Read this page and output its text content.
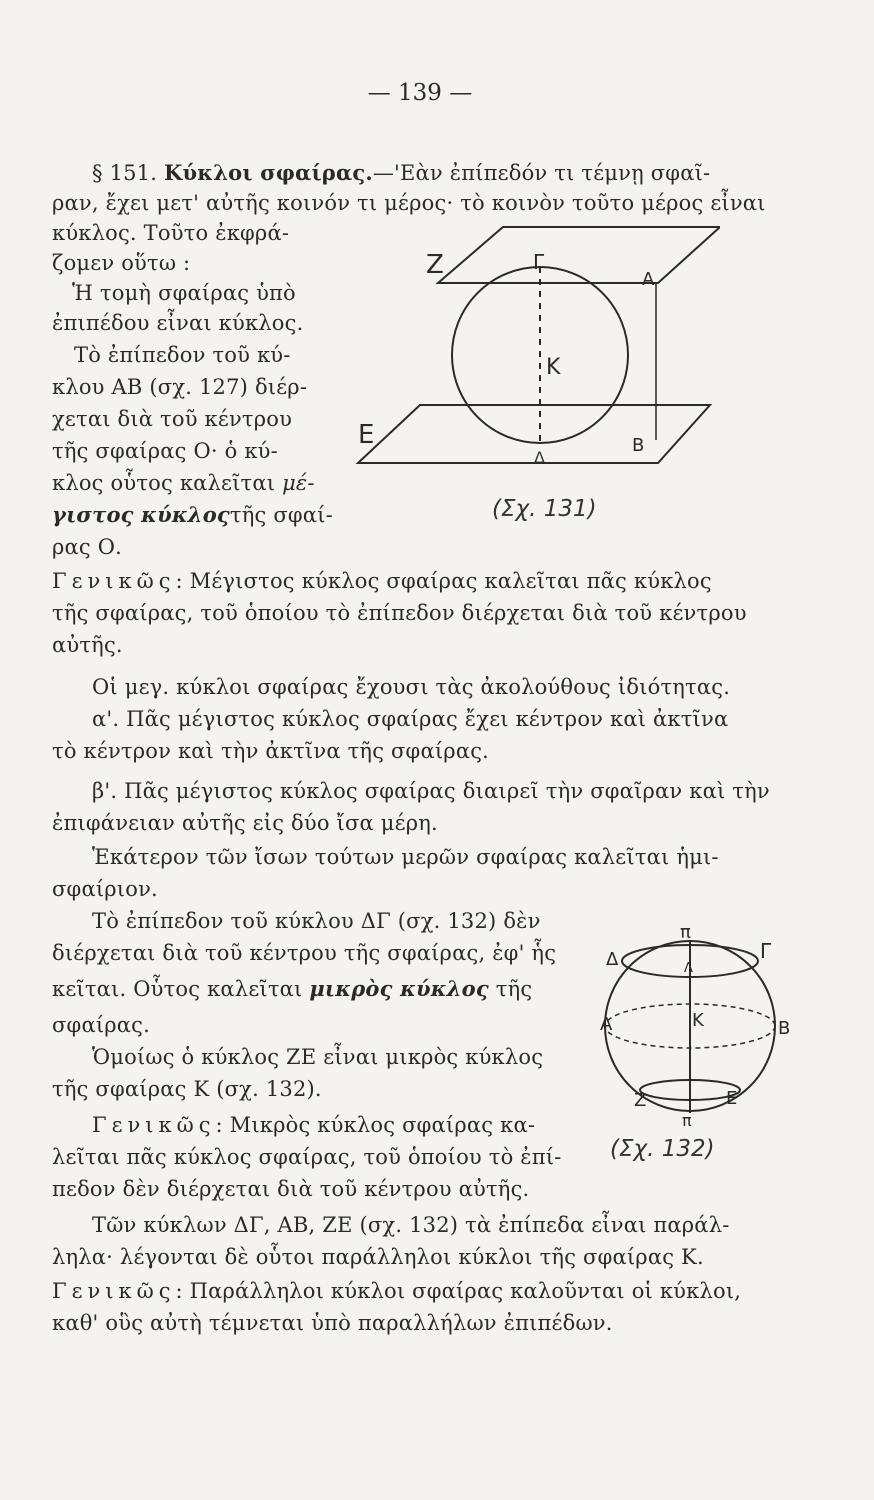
— 139 —
§ 151. Κύκλοι σφαίρας.—'Εὰν ἐπίπεδόν τι τέμνῃ σφαῖ-
ραν, ἔχει μετ' αὐτῆς κοινόν τι μέρος· τὸ κοινὸν τοῦτο μέρος εἶναι
κύκλος. Τοῦτο ἐκφρά-
ζομεν οὕτω :
Ἡ τομὴ σφαίρας ὑπὸ
ἐπιπέδου εἶναι κύκλος.
Τὸ ἐπίπεδον τοῦ κύ-
κλου ΑΒ (σχ. 127) διέρ-
χεται διὰ τοῦ κέντρου
τῆς σφαίρας Ο· ὁ κύ-
κλος οὗτος καλεῖται μέ-
γιστος κύκλοςτῆς σφαί-
ρας Ο.
Γενικῶς: Μέγιστος κύκλος σφαίρας καλεῖται πᾶς κύκλος
τῆς σφαίρας, τοῦ ὁποίου τὸ ἐπίπεδον διέρχεται διὰ τοῦ κέντρου
αὐτῆς.
Οἱ μεγ. κύκλοι σφαίρας ἔχουσι τὰς ἀκολούθους ἰδιότητας.
α'. Πᾶς μέγιστος κύκλος σφαίρας ἔχει κέντρον καὶ ἀκτῖνα
τὸ κέντρον καὶ τὴν ἀκτῖνα τῆς σφαίρας.
β'. Πᾶς μέγιστος κύκλος σφαίρας διαιρεῖ τὴν σφαῖραν καὶ τὴν
ἐπιφάνειαν αὐτῆς εἰς δύο ἴσα μέρη.
Ἑκάτερον τῶν ἴσων τούτων μερῶν σφαίρας καλεῖται ἡμι-
σφαίριον.
Τὸ ἐπίπεδον τοῦ κύκλου ΔΓ (σχ. 132) δὲν
διέρχεται διὰ τοῦ κέντρου τῆς σφαίρας, ἐφ' ἧς
κεῖται. Οὗτος καλεῖται μικρὸς κύκλος τῆς
σφαίρας.
Ὁμοίως ὁ κύκλος ΖΕ εἶναι μικρὸς κύκλος
τῆς σφαίρας Κ (σχ. 132).
Γενικῶς: Μικρὸς κύκλος σφαίρας κα-
λεῖται πᾶς κύκλος σφαίρας, τοῦ ὁποίου τὸ ἐπί-
πεδον δὲν διέρχεται διὰ τοῦ κέντρου αὐτῆς.
Τῶν κύκλων ΔΓ, ΑΒ, ΖΕ (σχ. 132) τὰ ἐπίπεδα εἶναι παράλ-
ληλα· λέγονται δὲ οὗτοι παράλληλοι κύκλοι τῆς σφαίρας Κ.
Γενικῶς: Παράλληλοι κύκλοι σφαίρας καλοῦνται οἱ κύκλοι,
καθ' οὓς αὐτὴ τέμνεται ὑπὸ παραλλήλων ἐπιπέδων.
Z	Γ
A
K
E	B
Δ
(Σχ. 131)
π
Δ	Λ
Γ
A	K	B
Ζ	Ε
π
(Σχ. 132)
